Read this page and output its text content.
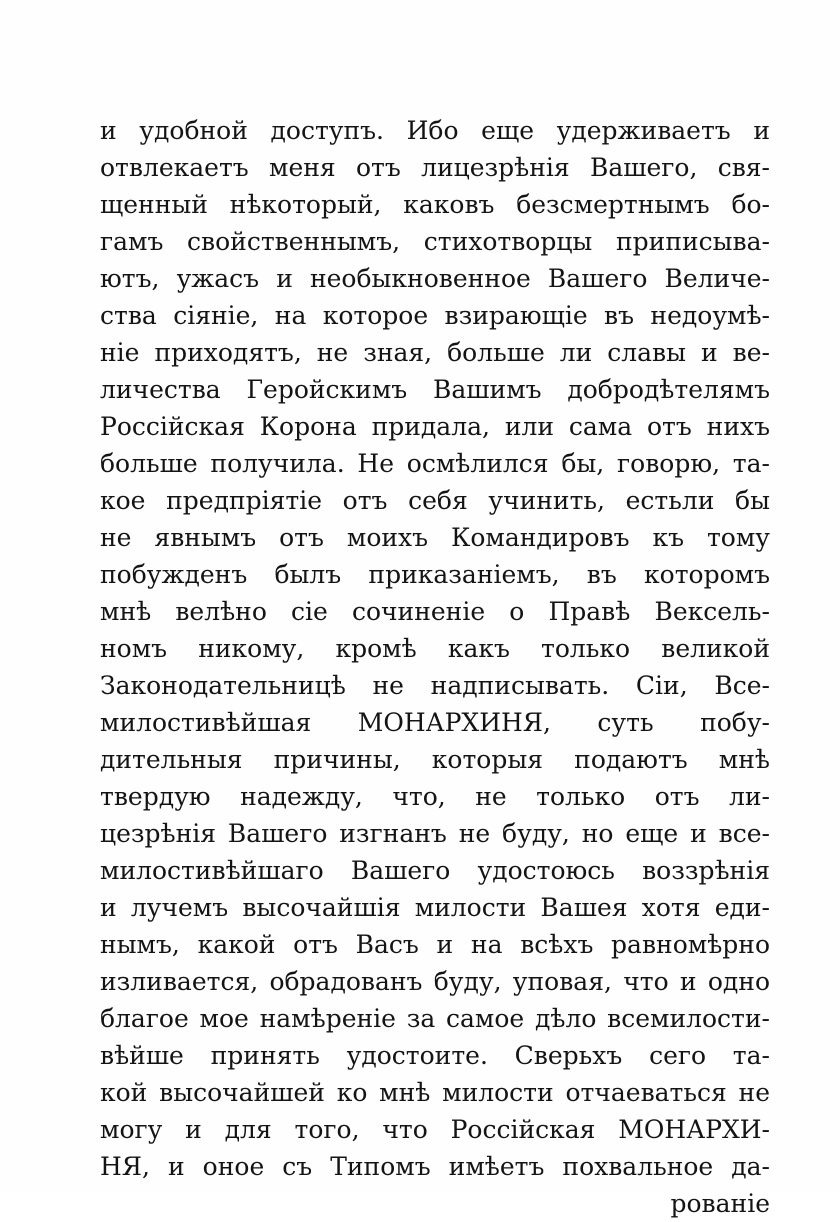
и удобной доступъ. Ибо еще удерживаетъ и
отвлекаетъ меня отъ лицезрѣнія Вашего, свя-
щенный нѣкоторый, каковъ безсмертнымъ бо-
гамъ свойственнымъ, стихотворцы приписыва-
ютъ, ужасъ и необыкновенное Вашего Величе-
ства сіяніе, на которое взирающіе въ недоумѣ-
ніе приходятъ, не зная, больше ли славы и ве-
личества Геройскимъ Вашимъ добродѣтелямъ
Россійская Корона придала, или сама отъ нихъ
больше получила. Не осмѣлился бы, говорю, та-
кое предпріятіе отъ себя учинить, естьли бы
не явнымъ отъ моихъ Командировъ къ тому
побужденъ былъ приказаніемъ, въ которомъ
мнѣ велѣно сіе сочиненіе о Правѣ Вексель-
номъ никому, кромѣ какъ только великой
Законодательницѣ не надписывать. Сіи, Все-
милостивѣйшая МОНАРХИНЯ, суть побу-
дительныя причины, которыя подаютъ мнѣ
твердую надежду, что, не только отъ ли-
цезрѣнія Вашего изгнанъ не буду, но еще и все-
милостивѣйшаго Вашего удостоюсь воззрѣнія
и лучемъ высочайшія милости Вашея хотя еди-
нымъ, какой отъ Васъ и на всѣхъ равномѣрно
изливается, обрадованъ буду, уповая, что и одно
благое мое намѣреніе за самое дѣло всемилости-
вѣйше принять удостоите. Сверьхъ сего та-
кой высочайшей ко мнѣ милости отчаеваться не
могу и для того, что Россійская МОНАРХИ-
НЯ, и оное съ Типомъ имѣетъ похвальное да-
рованіе
